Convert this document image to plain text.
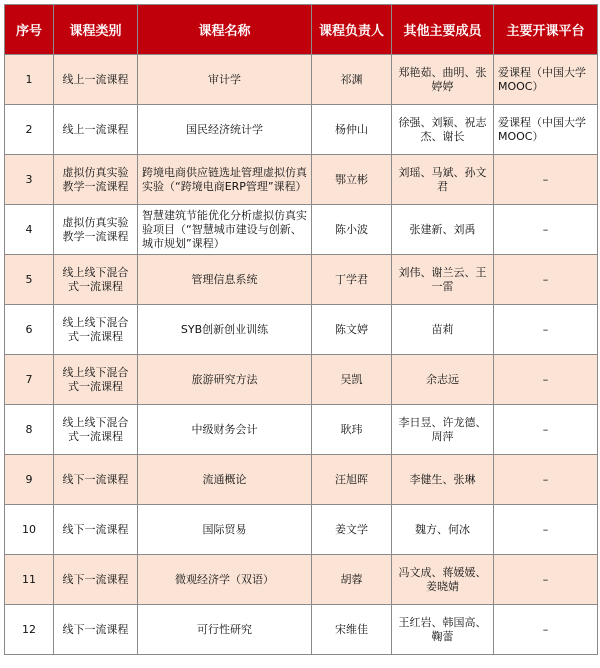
序号	课程类别	课程名称	课程负责人	其他主要成员	主要开课平台
1	线上一流课程	审计学	祁渊	郑艳茹、曲明、张婷婷	爱课程（中国大学 MOOC）
2	线上一流课程	国民经济统计学	杨仲山	徐强、刘颖、祝志杰、谢长	爱课程（中国大学 MOOC）
3	虚拟仿真实验教学一流课程	跨境电商供应链选址管理虚拟仿真实验（“跨境电商ERP管理”课程）	鄂立彬	刘瑶、马斌、孙文君	–
4	虚拟仿真实验教学一流课程	智慧建筑节能优化分析虚拟仿真实验项目（“智慧城市建设与创新、城市规划”课程）	陈小波	张建新、刘禹	–
5	线上线下混合式一流课程	管理信息系统	丁学君	刘伟、谢兰云、王一雷	–
6	线上线下混合式一流课程	SYB创新创业训练	陈文婷	苗莉	–
7	线上线下混合式一流课程	旅游研究方法	吴凯	余志远	–
8	线上线下混合式一流课程	中级财务会计	耿玮	李日昱、许龙德、周萍	–
9	线下一流课程	流通概论	汪旭晖	李健生、张琳	–
10	线下一流课程	国际贸易	姜文学	魏方、何冰	–
11	线下一流课程	微观经济学（双语）	胡蓉	冯文成、蒋媛媛、姜晓婧	–
12	线下一流课程	可行性研究	宋维佳	王红岩、韩国高、鞠蕾	–
